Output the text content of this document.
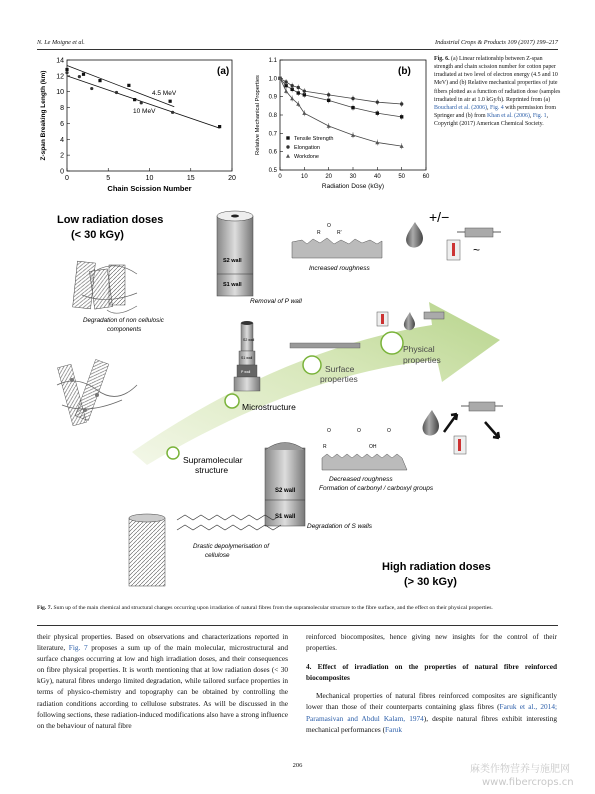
N. Le Moigne et al.	Industrial Crops & Products 109 (2017) 199–217
0	5	10	15	20
0
2
4
6
8
10
12
14
Chain Scission Number
Z-span Breaking Length (km)	4.5 MeV
10 MeV
(a)
0	10	20	30	40	50	60
0.5
0.6
0.7
0.8
0.9
1.0
1.1
Radiation Dose (kGy)
Relative Mechanical Properties	Tensile Strength
Elongation
Workdone
(b)
Fig. 6. (a) Linear relationship between Z-span strength and chain scission number for cotton paper irradiated at two level of electron energy (4.5 and 10 MeV) and (b) Relative mechanical properties of jute fibers plotted as a function of radiation dose (samples irradiated in air at 1.0 kGy/h). Reprinted from (a) Bouchard et al. (2006), Fig. 4 with permission from Springer and (b) from Khan et al. (2006), Fig. 1, Copyright (2017) American Chemical Society.
Low radiation doses
(< 30 kGy)
High radiation doses
(> 30 kGy)
S2 wall
S1 wall
Removal of P wall
O
R	R'
Increased roughness
+/−
~
Degradation of non cellulosic
components
S2 wall
S1 wall
P wall
Microstructure
Surface
properties
Physical
properties
Supramolecular
structure
S2 wall
S1 wall
Degradation of S walls
O	O	O
R	OH
Decreased roughness
Formation of carbonyl / carboxyl groups
Drastic depolymerisation of
cellulose
Fig. 7. Sum up of the main chemical and structural changes occurring upon irradiation of natural fibres from the supramolecular structure to the fibre surface, and the effect on their physical properties.

their physical properties. Based on observations and characterizations reported in literature, Fig. 7 proposes a sum up of the main molecular, microstructural and surface changes occurring at low and high irradiation doses, and their consequences on fibre physical properties. It is worth mentioning that at low radiation doses (< 30 kGy), natural fibres undergo limited degradation, while tailored surface properties in terms of physico-chemistry and topography can be obtained by controlling the radiation conditions according to cellulose substrates. As will be discussed in the following sections, these radiation-induced modifications also have a strong influence on the behaviour of natural fibre

reinforced biocomposites, hence giving new insights for the control of their properties.

4. Effect of irradiation on the properties of natural fibre reinforced biocomposites

Mechanical properties of natural fibres reinforced composites are significantly lower than those of their counterparts containing glass fibres (Faruk et al., 2014; Paramasivan and Abdul Kalam, 1974), despite natural fibres exhibit interesting mechanical performances (Faruk

206	麻类作物营养与施肥网
www.fibercrops.cn
